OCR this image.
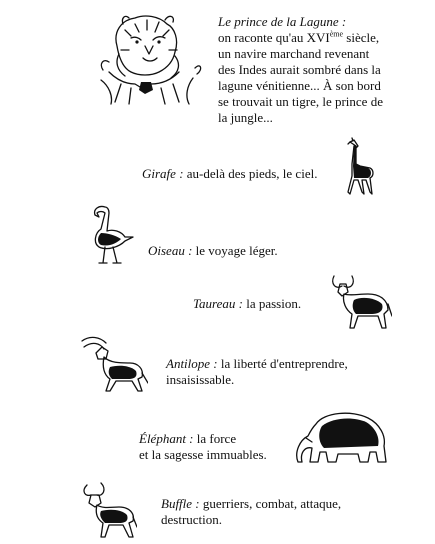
Le prince de la Lagune :
on raconte qu'au XVIème siècle,
un navire marchand revenant
des Indes aurait sombré dans la
lagune vénitienne... À son bord
se trouvait un tigre, le prince de
la jungle...
Girafe : au-delà des pieds, le ciel.
Oiseau : le voyage léger.
Taureau : la passion.
Antilope : la liberté d'entreprendre,
insaisissable.
Éléphant : la force
et la sagesse immuables.
Buffle : guerriers, combat, attaque,
destruction.
